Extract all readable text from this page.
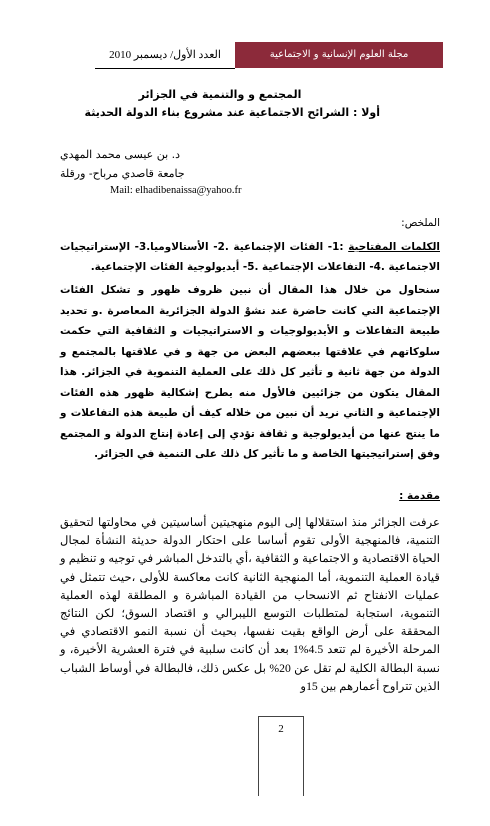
العدد الأول/ ديسمبر 2010	مجلة العلوم الإنسانية و الاجتماعية
المجتمع و والتنمية في الجزائر
أولا : الشرائح الاجتماعية عند مشروع بناء الدولة الحديثة
د. بن عيسى محمد المهدي
جامعة قاصدي مرباح- ورقلة
Mail: elhadibenaissa@yahoo.fr
الملخص:
الكلمات المفتاحية :1- الفئات الإجتماعية .2- الأستالاوميا.3- الإستراتيجيات الاجتماعية .4- التفاعلات الإجتماعية .5- أيديولوجية الفئات الإجتماعية.
سنحاول من خلال هذا المقال أن نبين ظروف ظهور و تشكل الفئات الإجتماعية التي كانت حاضرة عند نشوْ الدولة الجزائرية المعاصرة .و تحديد طبيعة التفاعلات و الأيديولوجيات و الاستراتيجيات و الثقافية التي حكمت سلوكاتهم في علاقتها ببعضهم البعض من جهة و في علاقتها بالمجتمع و الدولة من جهة ثانية و تأثير كل ذلك على العملية التنموية في الجزائر. هذا المقال يتكون من جزائيين فالأول منه يطرح إشكالية ظهور هذه الفئات الإجتماعية و الثاني نريد أن نبين من خلاله كيف أن طبيعة هذه التفاعلات و ما ينتج عنها من أيديولوجية و ثقافة تؤدي إلى إعادة إنتاج الدولة و المجتمع وفق إستراتيجيتها الخاصة و ما تأثير كل ذلك على التنمية في الجزائر.
مقدمة :
عرفت الجزائر منذ استقلالها إلى اليوم منهجيتين أساسيتين في محاولتها لتحقيق التنمية، فالمنهجية الأولى تقوم أساسا على احتكار الدولة حديثة النشأة لمجال الحياة الاقتصادية و الاجتماعية و الثقافية ،أي بالتدخل المباشر في توجيه و تنظيم و قيادة العملية التنموية، أما المنهجية الثانية كانت معاكسة للأولى ،حيث تتمثل في عمليات الانفتاح ثم الانسحاب من القيادة المباشرة و المطلقة لهذه العملية التنموية، استجابة لمتطلبات التوسع الليبرالي و اقتصاد السوق؛ لكن النتائج المحققة على أرض الواقع بقيت نفسها، بحيث أن نسبة النمو الاقتصادي في المرحلة الأخيرة لم تتعد 4.5%1 بعد أن كانت سلبية في فترة العشرية الأخيرة، و نسبة البطالة الكلية لم تقل عن 20% بل عكس ذلك، فالبطالة في أوساط الشباب الذين تتراوح أعمارهم بين 15و
2
